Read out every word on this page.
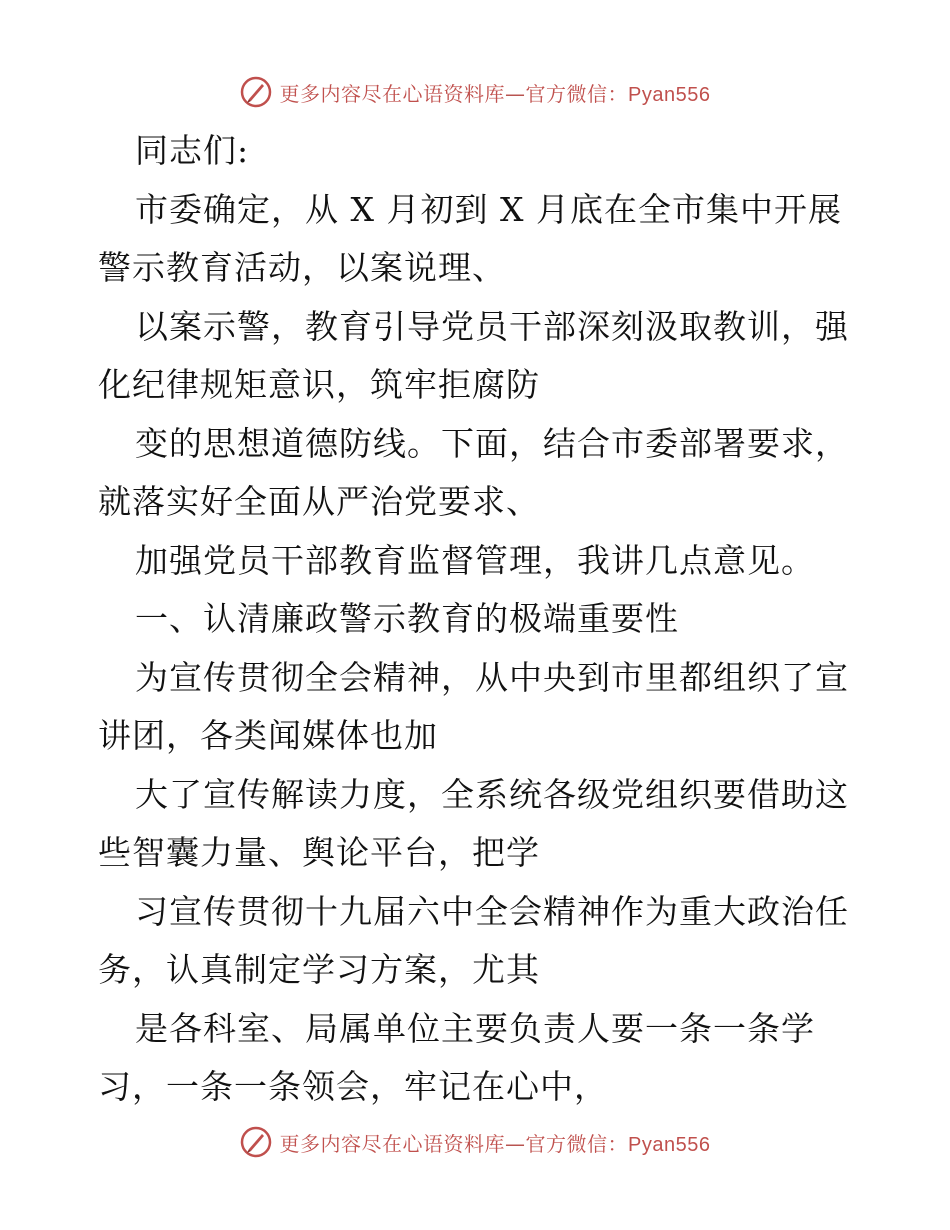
更多内容尽在心语资料库—官方微信：Pyan556
同志们:
市委确定，从 X 月初到 X 月底在全市集中开展
警示教育活动，以案说理、
以案示警，教育引导党员干部深刻汲取教训，强
化纪律规矩意识，筑牢拒腐防
变的思想道德防线。下面，结合市委部署要求，
就落实好全面从严治党要求、
加强党员干部教育监督管理，我讲几点意见。
一、认清廉政警示教育的极端重要性
为宣传贯彻全会精神，从中央到市里都组织了宣
讲团，各类闻媒体也加
大了宣传解读力度，全系统各级党组织要借助这
些智囊力量、舆论平台，把学
习宣传贯彻十九届六中全会精神作为重大政治任
务，认真制定学习方案，尤其
是各科室、局属单位主要负责人要一条一条学
习，一条一条领会，牢记在心中，
更多内容尽在心语资料库—官方微信：Pyan556
